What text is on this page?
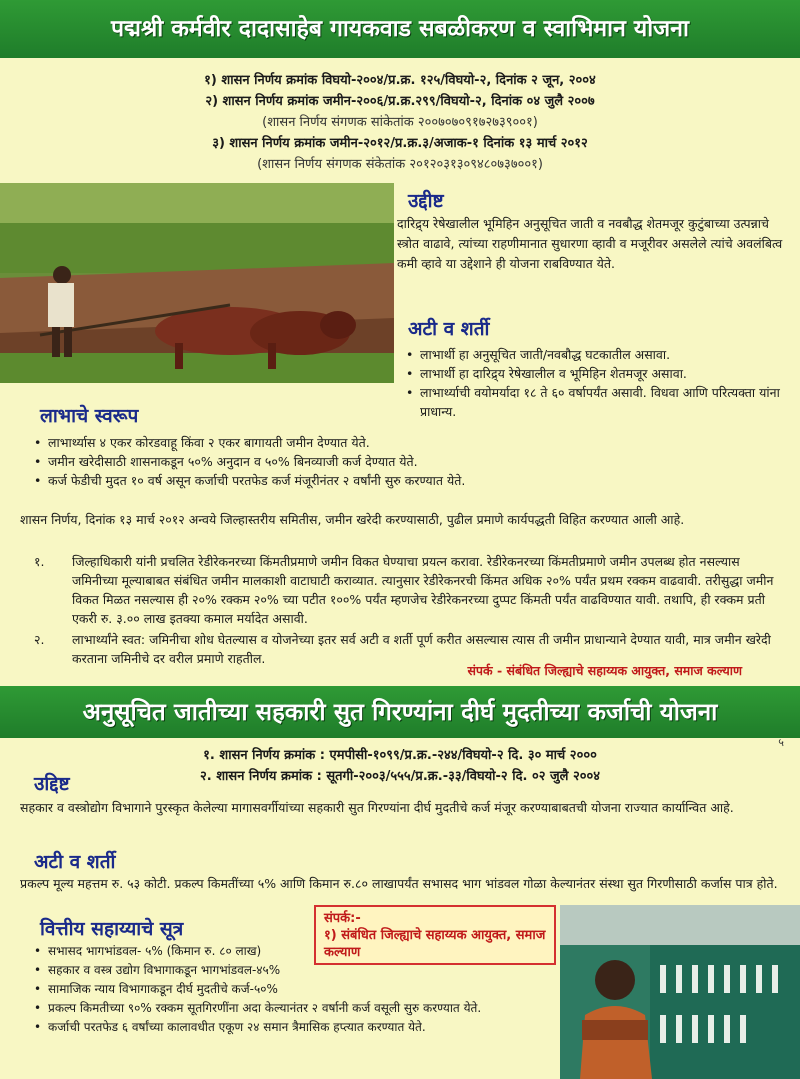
पद्मश्री कर्मवीर दादासाहेब गायकवाड सबळीकरण व स्वाभिमान योजना
१) शासन निर्णय क्रमांक विघयो-२००४/प्र.क्र. १२५/विघयो-२, दिनांक २ जून, २००४
२) शासन निर्णय क्रमांक जमीन-२००६/प्र.क्र.२९९/विघयो-२, दिनांक ०४ जुलै २००७
(शासन निर्णय संगणक सांकेतांक २००७०७०९१७२७३९००१)
३) शासन निर्णय क्रमांक जमीन-२०१२/प्र.क्र.३/अजाक-१ दिनांक १३ मार्च २०१२
(शासन निर्णय संगणक संकेतांक २०१२०३१३०९४८०७३७००१)
उद्दीष्ट
दारिद्र्य रेषेखालील भूमिहिन अनुसूचित जाती व नवबौद्ध शेतमजूर कुटुंबाच्या उत्पन्नाचे स्त्रोत वाढावे, त्यांच्या राहणीमानात सुधारणा व्हावी व मजूरीवर असलेले त्यांचे अवलंबित्व कमी व्हावे या उद्देशाने ही योजना राबविण्यात येते.
अटी व शर्ती
• लाभार्थी हा अनुसूचित जाती/नवबौद्ध घटकातील असावा.
• लाभार्थी हा दारिद्र्य रेषेखालील व भूमिहिन शेतमजूर असावा.
• लाभार्थ्याची वयोमर्यादा १८ ते ६० वर्षापर्यंत असावी. विधवा आणि परित्यक्ता यांना प्राधान्य.
लाभाचे स्वरूप
• लाभार्थ्यास ४ एकर कोरडवाहू किंवा २ एकर बागायती जमीन देण्यात येते.
• जमीन खरेदीसाठी शासनाकडून ५०% अनुदान व ५०% बिनव्याजी कर्ज देण्यात येते.
• कर्ज फेडीची मुदत १० वर्ष असून कर्जाची परतफेड कर्ज मंजूरीनंतर २ वर्षांनी सुरु करण्यात येते.
शासन निर्णय, दिनांक १३ मार्च २०१२ अन्वये जिल्हास्तरीय समितीस, जमीन खरेदी करण्यासाठी, पुढील प्रमाणे कार्यपद्धती विहित करण्यात आली आहे.
१. जिल्हाधिकारी यांनी प्रचलित रेडीरेकनरच्या किंमतीप्रमाणे जमीन विकत घेण्याचा प्रयत्न करावा. रेडीरेकनरच्या किंमतीप्रमाणे जमीन उपलब्ध होत नसल्यास जमिनीच्या मूल्याबाबत संबंधित जमीन मालकाशी वाटाघाटी कराव्यात. त्यानुसार रेडीरेकनरची किंमत अधिक २०% पर्यंत प्रथम रक्कम वाढवावी. तरीसुद्धा जमीन विकत मिळत नसल्यास ही २०% रक्कम २०% च्या पटीत १००% पर्यंत म्हणजेच रेडीरेकनरच्या दुप्पट किंमती पर्यंत वाढविण्यात यावी. तथापि, ही रक्कम प्रती एकरी रु. ३.०० लाख इतक्या कमाल मर्यादेत असावी.
२. लाभार्थ्यांने स्वत: जमिनीचा शोध घेतल्यास व योजनेच्या इतर सर्व अटी व शर्ती पूर्ण करीत असल्यास त्यास ती जमीन प्राधान्याने देण्यात यावी, मात्र जमीन खरेदी करताना जमिनीचे दर वरील प्रमाणे राहतील.
संपर्क - संबंधित जिल्ह्याचे सहाय्यक आयुक्त, समाज कल्याण
अनुसूचित जातीच्या सहकारी सुत गिरण्यांना दीर्घ मुदतीच्या कर्जाची योजना
५
१. शासन निर्णय क्रमांक : एमपीसी-१०९९/प्र.क्र.-२४४/विघयो-२ दि. ३० मार्च २०००
२. शासन निर्णय क्रमांक : सूतगी-२००३/५५५/प्र.क्र.-३३/विघयो-२ दि. ०२ जुलै २००४
उद्दिष्ट
सहकार व वस्त्रोद्योग विभागाने पुरस्कृत केलेल्या मागासवर्गीयांच्या सहकारी सुत गिरण्यांना दीर्घ मुदतीचे कर्ज मंजूर करण्याबाबतची योजना राज्यात कार्यान्वित आहे.
अटी व शर्ती
प्रकल्प मूल्य महत्तम रु. ५३ कोटी. प्रकल्प किमतींच्या ५% आणि किमान रु.८० लाखापर्यंत सभासद भाग भांडवल गोळा केल्यानंतर संस्था सुत गिरणीसाठी कर्जास पात्र होते.
वित्तीय सहाय्याचे सूत्र
• सभासद भागभांडवल- ५% (किमान रु. ८० लाख)
• सहकार व वस्त्र उद्योग विभागाकडून भागभांडवल-४५%
• सामाजिक न्याय विभागाकडून दीर्घ मुदतीचे कर्ज-५०%
• प्रकल्प किमतीच्या ९०% रक्कम सूतगिरणींना अदा केल्यानंतर २ वर्षानी कर्ज वसूली सुरु करण्यात येते.
• कर्जाची परतफेड ६ वर्षांच्या कालावधीत एकूण २४ समान त्रैमासिक हप्त्यात करण्यात येते.
संपर्क:-
१) संबंधित जिल्ह्याचे सहाय्यक आयुक्त, समाज कल्याण
